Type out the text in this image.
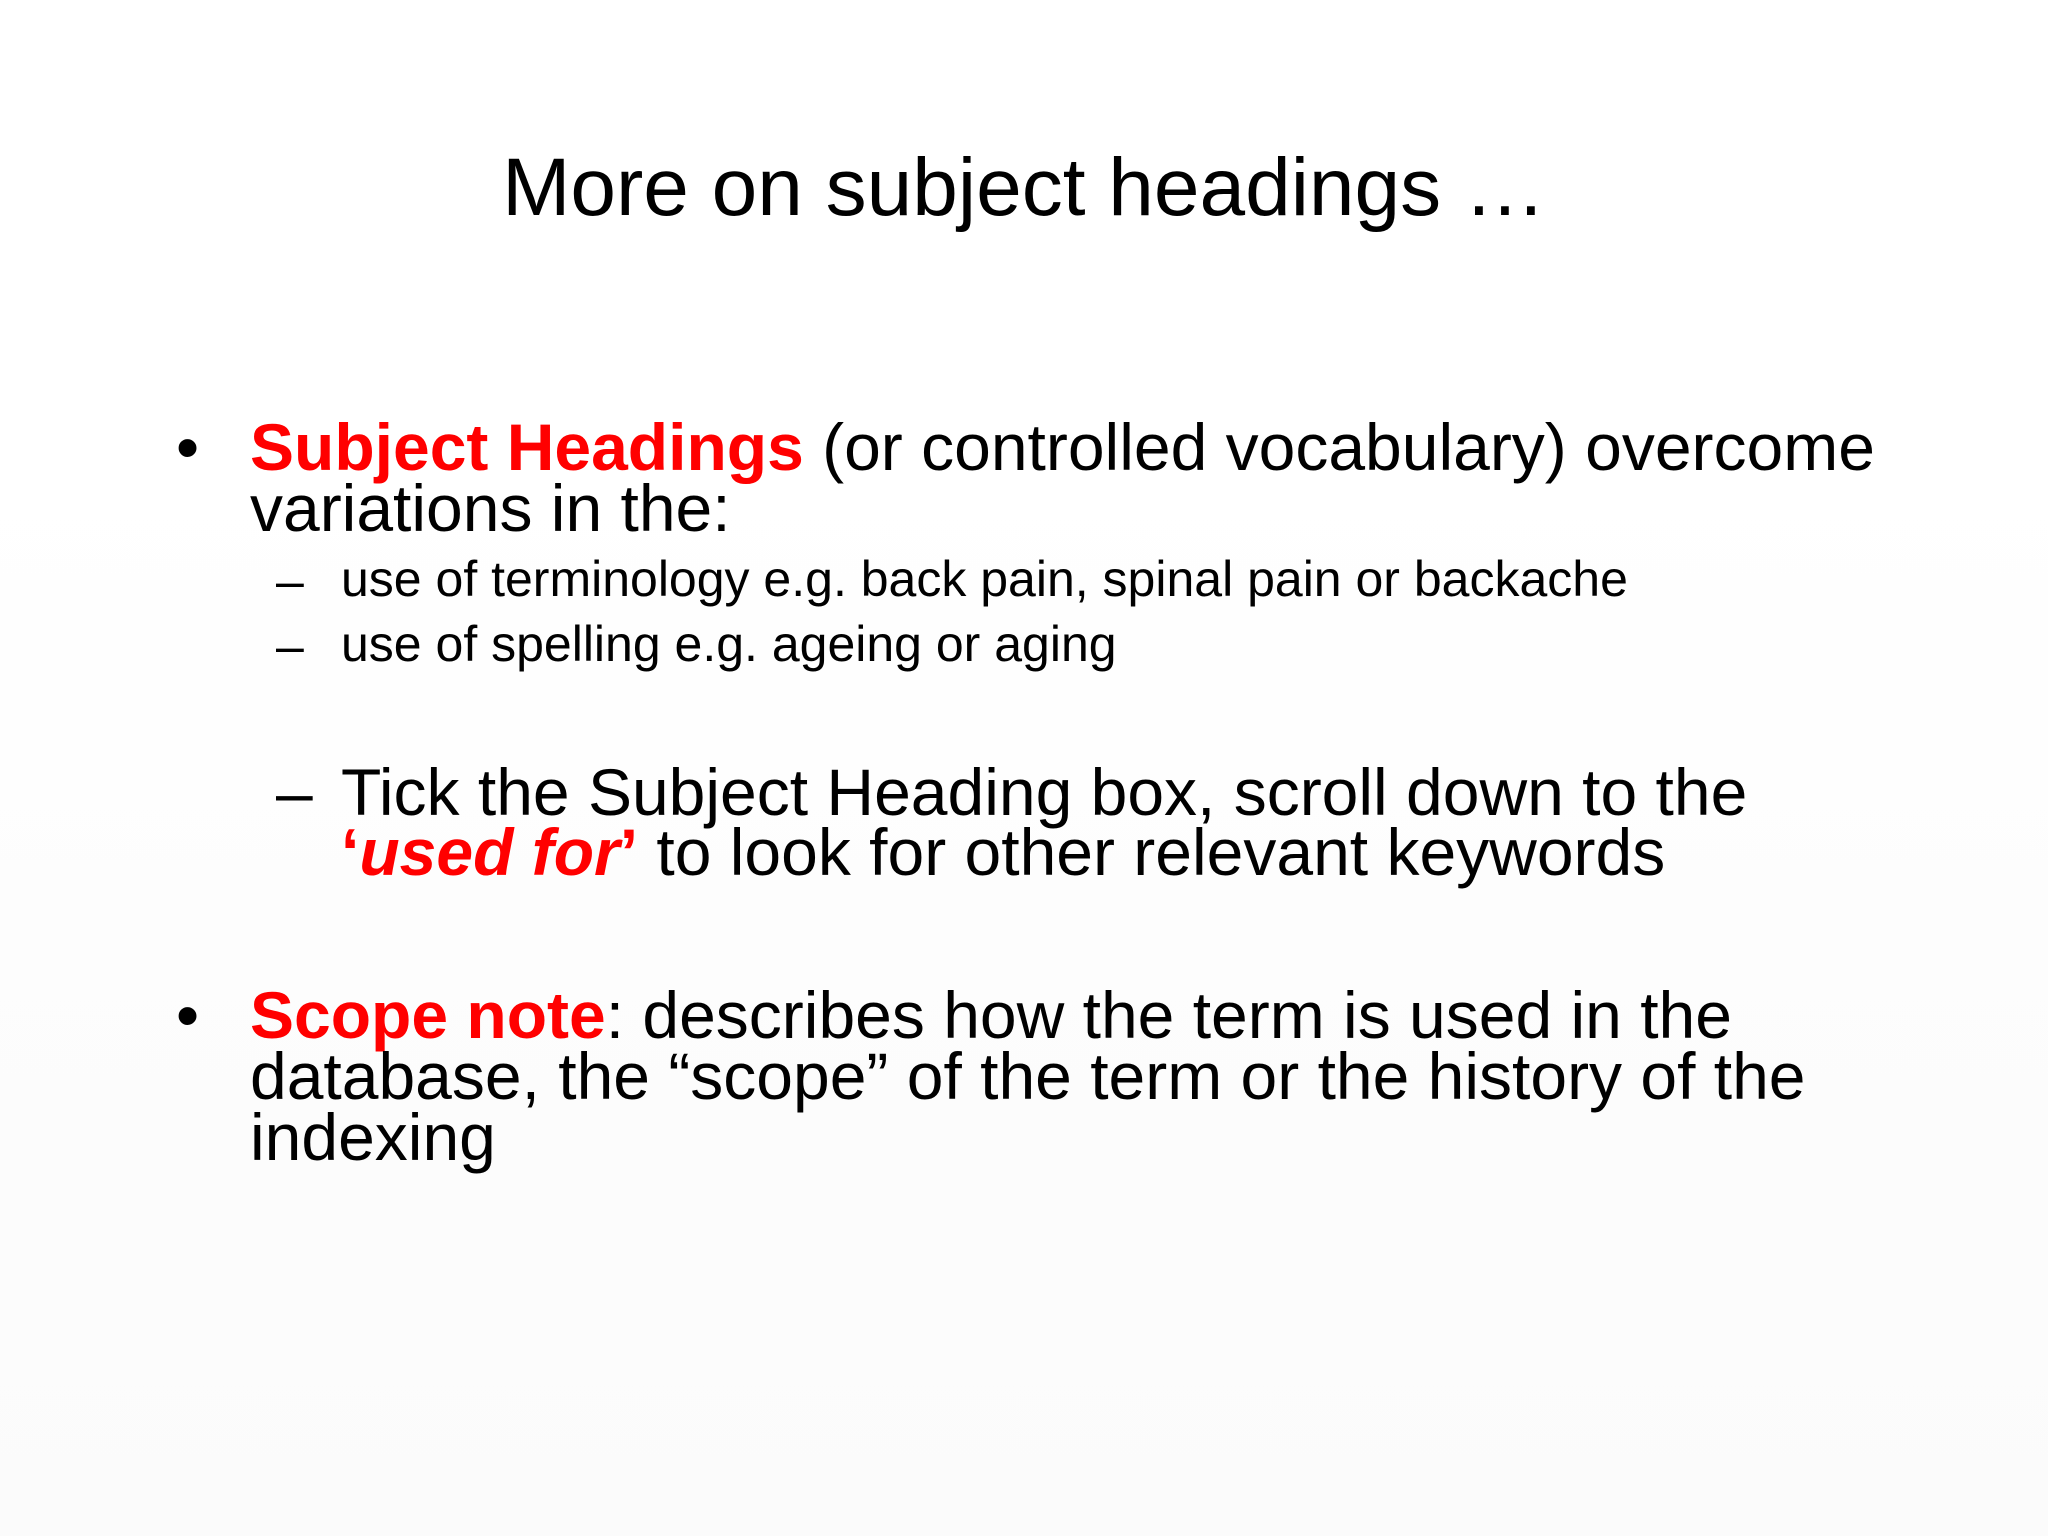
More on subject headings …
• Subject Headings (or controlled vocabulary) overcome
variations in the:
– use of terminology e.g. back pain, spinal pain or backache
– use of spelling e.g. ageing or aging
– Tick the Subject Heading box, scroll down to the
‘used for’ to look for other relevant keywords
• Scope note: describes how the term is used in the
database, the “scope” of the term or the history of the
indexing
